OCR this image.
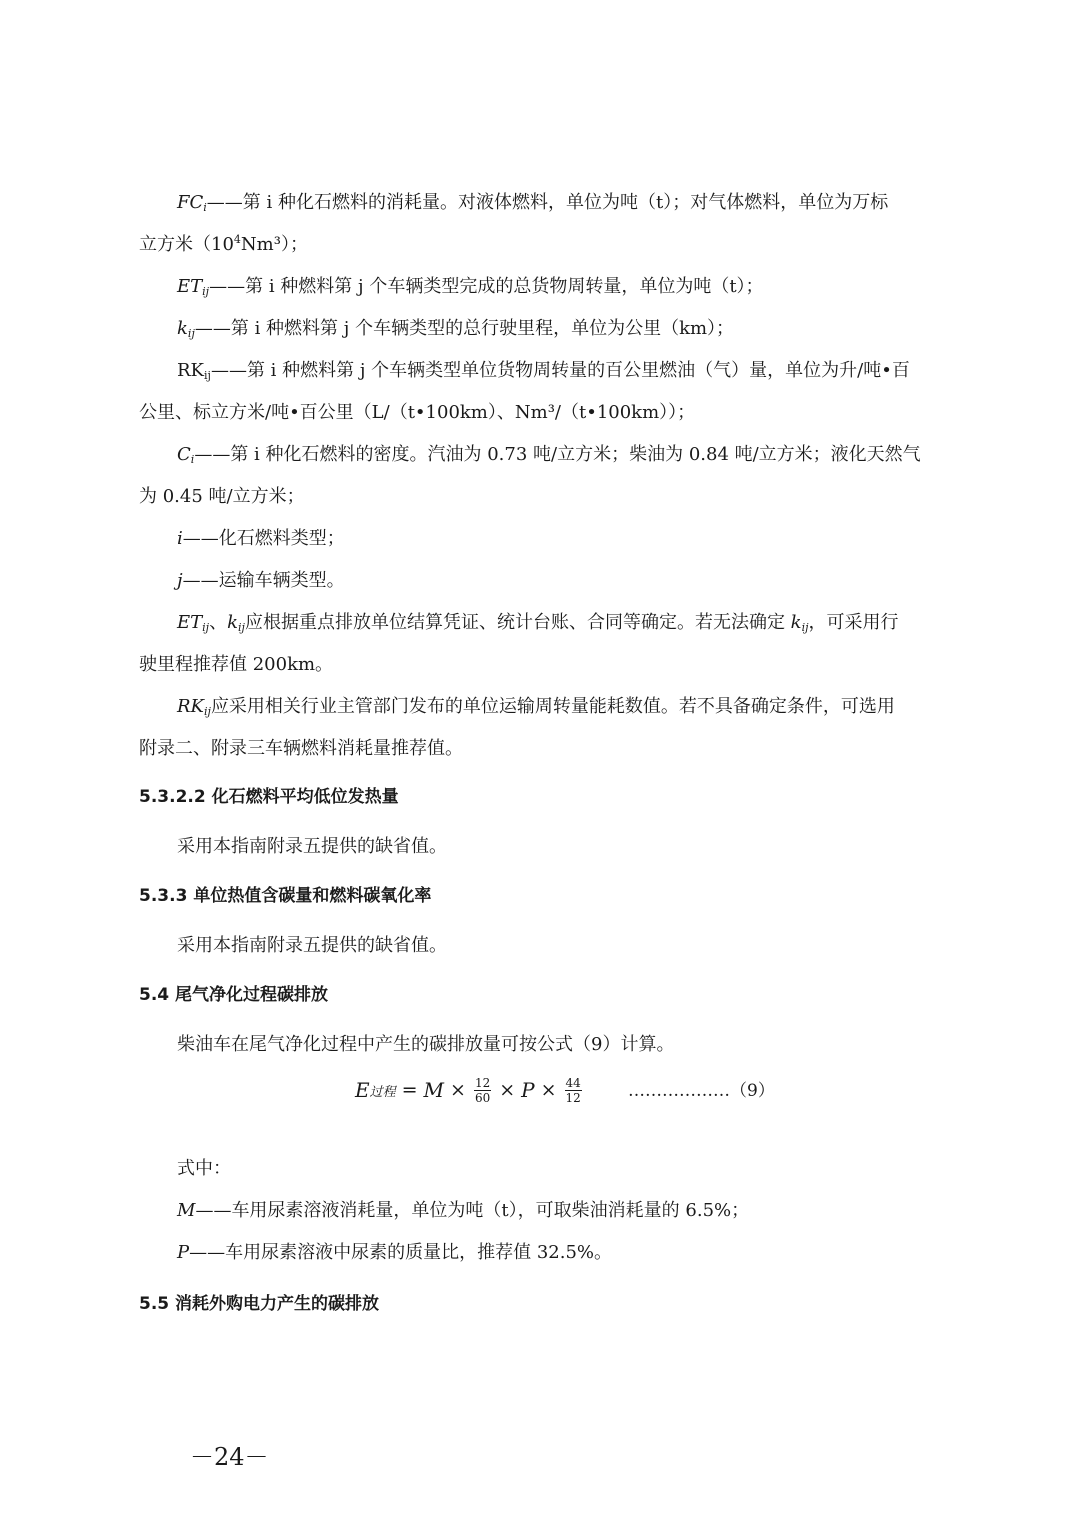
$FC_i——$第 i 种化石燃料的消耗量。对液体燃料，单位为吨（t）；对气体燃料，单位为万标
立方米$(10^4Nm^3)$；
$ET_{ij}——$第 i 种燃料第 j 个车辆类型完成的总货物周转量，单位为吨（t）；
$k_{ij}——$第 i 种燃料第 j 个车辆类型的总行驶里程，单位为公里（km）；
$RK_{ij}——$第 i 种燃料第 j 个车辆类型单位货物周转量的百公里燃油（气）量，单位为升/吨•百
公里、标立方米/吨•百公里（L/（t•100km）、Nm³/（t•100km））；
$C_i——$第 i 种化石燃料的密度。汽油为 0.73 吨/立方米；柴油为 0.84 吨/立方米；液化天然气
为 0.45 吨/立方米；
i——化石燃料类型；
j——运输车辆类型。
$ET_{ij}$、$k_{ij}$应根据重点排放单位结算凭证、统计台账、合同等确定。若无法确定 $k_{ij}$，可采用行
驶里程推荐值 200km。
$RK_{ij}$应采用相关行业主管部门发布的单位运输周转量能耗数值。若不具备确定条件，可选用
附录二、附录三车辆燃料消耗量推荐值。
5.3.2.2 化石燃料平均低位发热量
采用本指南附录五提供的缺省值。
5.3.3 单位热值含碳量和燃料碳氧化率
采用本指南附录五提供的缺省值。
5.4 尾气净化过程碳排放
柴油车在尾气净化过程中产生的碳排放量可按公式（9）计算。
E 过程 = $M \times \frac{12}{60} \times P \times \frac{44}{12}$	………………（9）
式中：
M——车用尿素溶液消耗量，单位为吨（t），可取柴油消耗量的 6.5%；
P——车用尿素溶液中尿素的质量比，推荐值 32.5%。
5.5 消耗外购电力产生的碳排放
－24－
